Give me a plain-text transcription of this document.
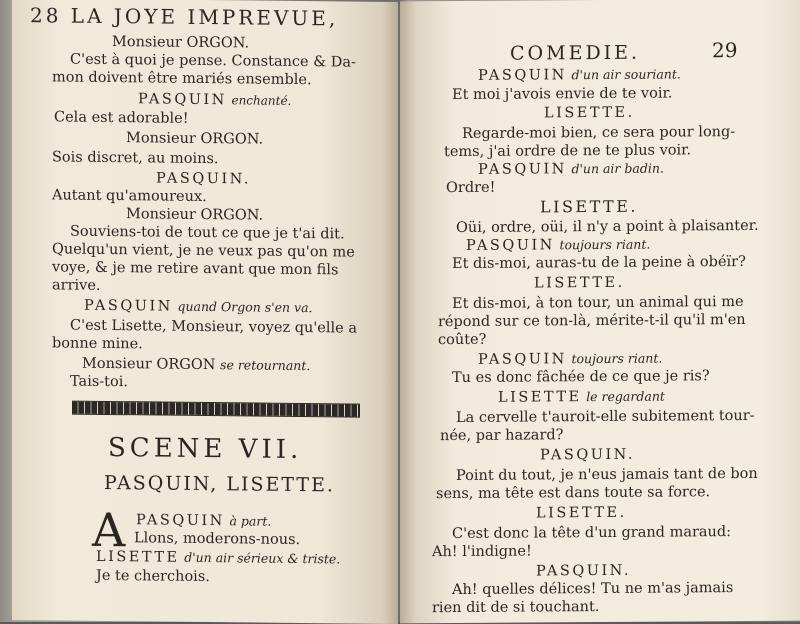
28 LA JOYE IMPREVUE,
Monsieur ORGON.
C'est à quoi je pense. Constance & Da-
mon doivent être mariés ensemble.
PASQUIN enchanté.
Cela est adorable!
Monsieur ORGON.
Sois discret, au moins.
PASQUIN.
Autant qu'amoureux.
Monsieur ORGON.
Souviens-toi de tout ce que je t'ai dit.
Quelqu'un vient, je ne veux pas qu'on me
voye, & je me retire avant que mon fils
arrive.
PASQUIN quand Orgon s'en va.
C'est Lisette, Monsieur, voyez qu'elle a
bonne mine.
Monsieur ORGON se retournant.
Tais-toi.
SCENE VII.
PASQUIN, LISETTE.
A PASQUIN à part.
Llons, moderons-nous.
LISETTE d'un air sérieux & triste.
Je te cherchois.
COMEDIE.	29
PASQUIN d'un air souriant.
Et moi j'avois envie de te voir.
LISETTE.
Regarde-moi bien, ce sera pour long-
tems, j'ai ordre de ne te plus voir.
PASQUIN d'un air badin.
Ordre!
LISETTE.
Oüi, ordre, oüi, il n'y a point à plaisanter.
PASQUIN toujours riant.
Et dis-moi, auras-tu de la peine à obéïr?
LISETTE.
Et dis-moi, à ton tour, un animal qui me
répond sur ce ton-là, mérite-t-il qu'il m'en
coûte?
PASQUIN toujours riant.
Tu es donc fâchée de ce que je ris?
LISETTE le regardant
La cervelle t'auroit-elle subitement tour-
née, par hazard?
PASQUIN.
Point du tout, je n'eus jamais tant de bon
sens, ma tête est dans toute sa force.
LISETTE.
C'est donc la tête d'un grand maraud:
Ah! l'indigne!
PASQUIN.
Ah! quelles délices! Tu ne m'as jamais
rien dit de si touchant.
